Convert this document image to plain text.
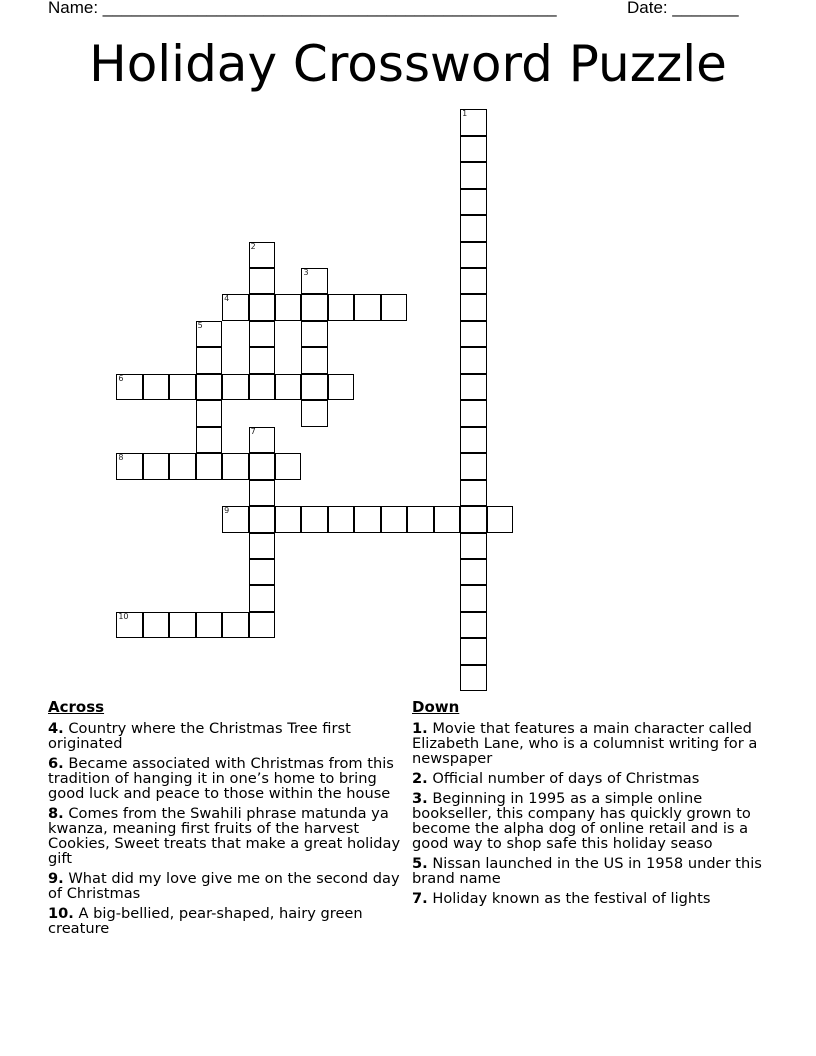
Name: ________________________________________________	Date: _______
Holiday Crossword Puzzle
1
2
3
4
5
6
7
8
9
10
Across
4. Country where the Christmas Tree first originated
6. Became associated with Christmas from this tradition of hanging it in one’s home to bring good luck and peace to those within the house
8. Comes from the Swahili phrase matunda ya kwanza, meaning first fruits of the harvest Cookies, Sweet treats that make a great holiday gift
9. What did my love give me on the second day of Christmas
10. A big-bellied, pear-shaped, hairy green creature
Down
1. Movie that features a main character called Elizabeth Lane, who is a columnist writing for a newspaper
2. Official number of days of Christmas
3. Beginning in 1995 as a simple online bookseller, this company has quickly grown to become the alpha dog of online retail and is a good way to shop safe this holiday seaso
5. Nissan launched in the US in 1958 under this brand name
7. Holiday known as the festival of lights
